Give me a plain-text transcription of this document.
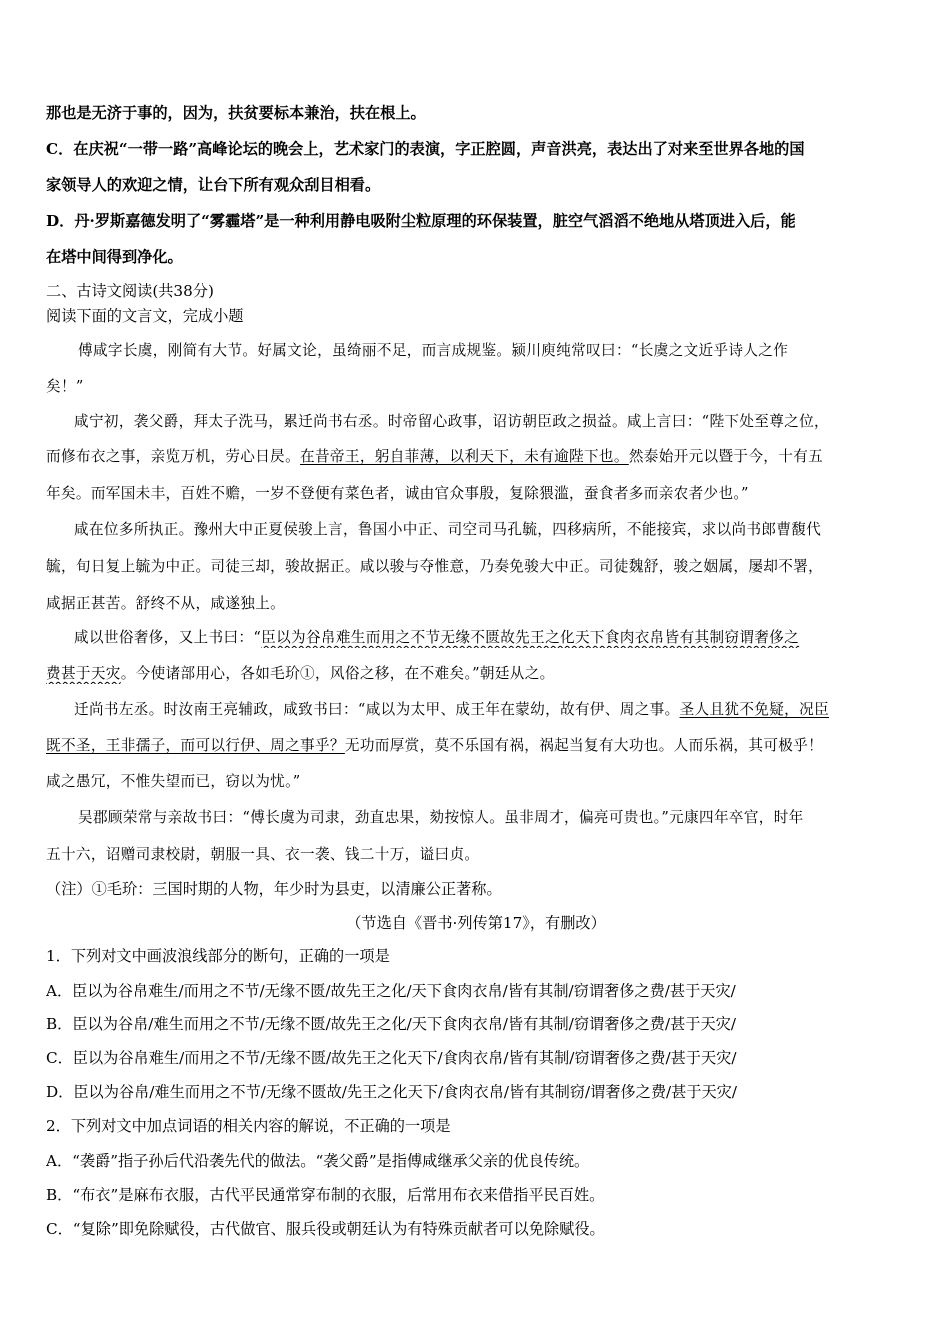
那也是无济于事的，因为，扶贫要标本兼治，扶在根上。
C．在庆祝“一带一路”高峰论坛的晚会上，艺术家门的表演，字正腔圆，声音洪亮，表达出了对来至世界各地的国
家领导人的欢迎之情，让台下所有观众刮目相看。
D．丹·罗斯嘉德发明了“雾霾塔”是一种利用静电吸附尘粒原理的环保装置，脏空气滔滔不绝地从塔顶进入后，能
在塔中间得到净化。
二、古诗文阅读(共38分)
阅读下面的文言文，完成小题
傅咸字长虞，刚简有大节。好属文论，虽绮丽不足，而言成规鉴。颍川庾纯常叹曰：“长虞之文近乎诗人之作
矣！”
咸宁初，袭父爵，拜太子洗马，累迁尚书右丞。时帝留心政事，诏访朝臣政之损益。咸上言曰：“陛下处至尊之位，
而修布衣之事，亲览万机，劳心日昃。在昔帝王，躬自菲薄，以利天下，未有逾陛下也。然泰始开元以暨于今，十有五
年矣。而军国未丰，百姓不赡，一岁不登便有菜色者，诚由官众事殷，复除猥滥，蚕食者多而亲农者少也。”
咸在位多所执正。豫州大中正夏侯骏上言，鲁国小中正、司空司马孔毓，四移病所，不能接宾，求以尚书郎曹馥代
毓，旬日复上毓为中正。司徒三却，骏故据正。咸以骏与夺惟意，乃奏免骏大中正。司徒魏舒，骏之姻属，屡却不署，
咸据正甚苦。舒终不从，咸遂独上。
咸以世俗奢侈，又上书曰：“臣以为谷帛难生而用之不节无缘不匮故先王之化天下食肉衣帛皆有其制窃谓奢侈之
费甚于天灾。今使诸部用心，各如毛玠①，风俗之移，在不难矣。”朝廷从之。
迁尚书左丞。时汝南王亮辅政，咸致书曰：“咸以为太甲、成王年在蒙幼，故有伊、周之事。圣人且犹不免疑，况臣
既不圣，王非孺子，而可以行伊、周之事乎？无功而厚赏，莫不乐国有祸，祸起当复有大功也。人而乐祸，其可极乎！
咸之愚冗，不惟失望而已，窃以为忧。”
吴郡顾荣常与亲故书曰：“傅长虞为司隶，劲直忠果，劾按惊人。虽非周才，偏亮可贵也。”元康四年卒官，时年
五十六，诏赠司隶校尉，朝服一具、衣一袭、钱二十万，谥曰贞。
（注）①毛玠：三国时期的人物，年少时为县吏，以清廉公正著称。
（节选自《晋书·列传第17》，有删改）
1．下列对文中画波浪线部分的断句，正确的一项是
A．臣以为谷帛难生/而用之不节/无缘不匮/故先王之化/天下食肉衣帛/皆有其制/窃谓奢侈之费/甚于天灾/
B．臣以为谷帛/难生而用之不节/无缘不匮/故先王之化/天下食肉衣帛/皆有其制/窃谓奢侈之费/甚于天灾/
C．臣以为谷帛难生/而用之不节/无缘不匮/故先王之化天下/食肉衣帛/皆有其制/窃谓奢侈之费/甚于天灾/
D．臣以为谷帛/难生而用之不节/无缘不匮故/先王之化天下/食肉衣帛/皆有其制窃/谓奢侈之费/甚于天灾/
2．下列对文中加点词语的相关内容的解说，不正确的一项是
A．“袭爵”指子孙后代沿袭先代的做法。“袭父爵”是指傅咸继承父亲的优良传统。
B．“布衣”是麻布衣服，古代平民通常穿布制的衣服，后常用布衣来借指平民百姓。
C．“复除”即免除赋役，古代做官、服兵役或朝廷认为有特殊贡献者可以免除赋役。
